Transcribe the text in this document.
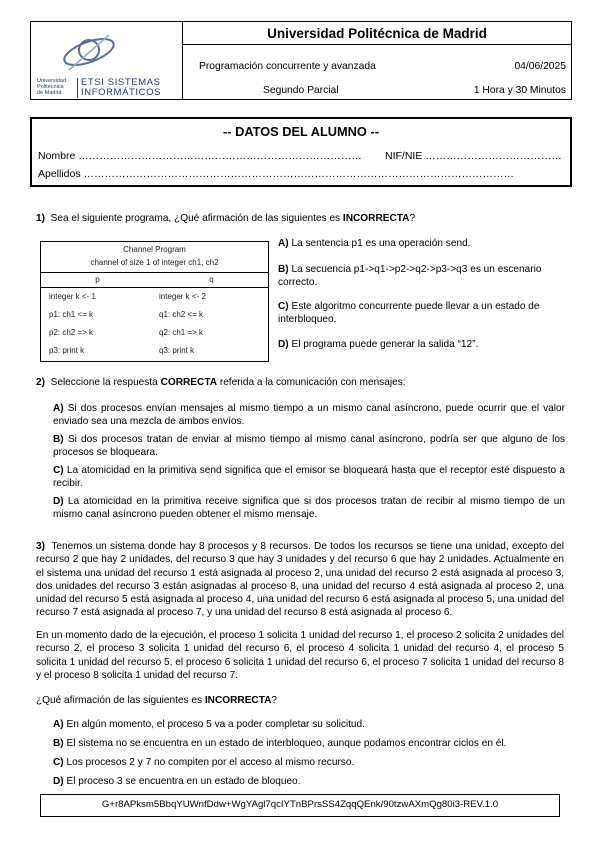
Universidad
Politécnica
de Madrid
ETSI SISTEMAS
INFORMÁTICOS
Universidad Politécnica de Madrid
Programación concurrente y avanzada	04/06/2025
Segundo Parcial	1 Hora y 30 Minutos
-- DATOS DEL ALUMNO --
Nombre ……………………………………………………………………… NIF/NIE …………………………………
Apellidos ……………………………………………………………………………………………………………
1) Sea el siguiente programa, ¿Qué afirmación de las siguientes es INCORRECTA?
Channel Program
channel of size 1 of integer ch1, ch2
p	q
integer k <- 1	integer k <- 2
p1: ch1 <= k	q1: ch2 <= k
p2: ch2 => k	q2: ch1 => k
p3: print k	q3: print k
A) La sentencia p1 es una operación send.
B) La secuencia p1->q1->p2->q2->p3->q3 es un escenario correcto.
C) Este algoritmo concurrente puede llevar a un estado de interbloqueo.
D) El programa puede generar la salida “12”.
2) Seleccione la respuesta CORRECTA referida a la comunicación con mensajes:
A) Si dos procesos envían mensajes al mismo tiempo a un mismo canal asíncrono, puede ocurrir que el valor enviado sea una mezcla de ambos envíos.
B) Si dos procesos tratan de enviar al mismo tiempo al mismo canal asíncrono, podría ser que alguno de los procesos se bloqueara.
C) La atomicidad en la primitiva send significa que el emisor se bloqueará hasta que el receptor esté dispuesto a recibir.
D) La atomicidad en la primitiva receive significa que si dos procesos tratan de recibir al mismo tiempo de un mismo canal asíncrono pueden obtener el mismo mensaje.
3) Tenemos un sistema donde hay 8 procesos y 8 recursos. De todos los recursos se tiene una unidad, excepto del recurso 2 que hay 2 unidades, del recurso 3 que hay 3 unidades y del recurso 6 que hay 2 unidades. Actualmente en el sistema una unidad del recurso 1 está asignada al proceso 2, una unidad del recurso 2 está asignada al proceso 3, dos unidades del recurso 3 están asignadas al proceso 8, una unidad del recurso 4 está asignada al proceso 2, una unidad del recurso 5 está asignada al proceso 4, una unidad del recurso 6 está asignada al proceso 5, una unidad del recurso 7 está asignada al proceso 7, y una unidad del recurso 8 está asignada al proceso 6.
En un momento dado de la ejecución, el proceso 1 solicita 1 unidad del recurso 1, el proceso 2 solicita 2 unidades del recurso 2, el proceso 3 solicita 1 unidad del recurso 6, el proceso 4 solicita 1 unidad del recurso 4, el proceso 5 solicita 1 unidad del recurso 5, el proceso 6 solicita 1 unidad del recurso 6, el proceso 7 solicita 1 unidad del recurso 8 y el proceso 8 solicita 1 unidad del recurso 7.
¿Qué afirmación de las siguientes es INCORRECTA?
A) En algún momento, el proceso 5 va a poder completar su solicitud.
B) El sistema no se encuentra en un estado de interbloqueo, aunque podamos encontrar ciclos en él.
C) Los procesos 2 y 7 no compiten por el acceso al mismo recurso.
D) El proceso 3 se encuentra en un estado de bloqueo.
G+r8APksm5BbqYUWnfDdw+WgYAgl7qcIYTnBPrsSS4ZqqQEnk/90tzwAXmQg80i3-REV.1.0
